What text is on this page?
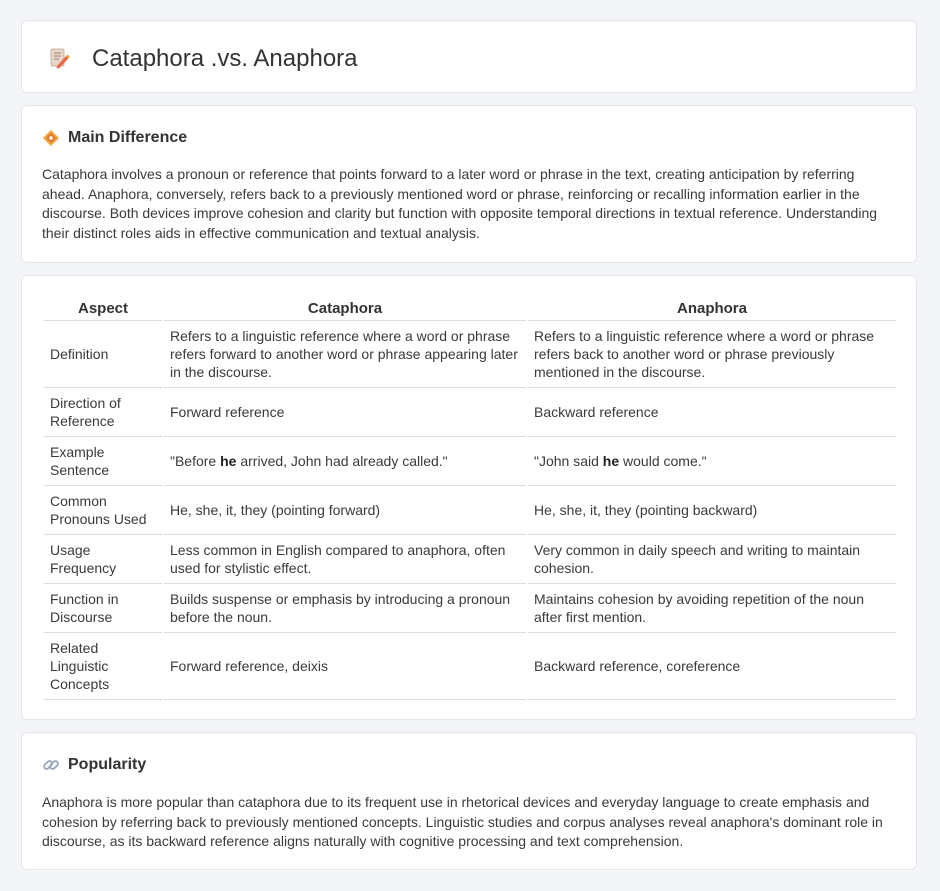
Cataphora .vs. Anaphora
Main Difference

Cataphora involves a pronoun or reference that points forward to a later word or phrase in the text, creating anticipation by referring ahead. Anaphora, conversely, refers back to a previously mentioned word or phrase, reinforcing or recalling information earlier in the discourse. Both devices improve cohesion and clarity but function with opposite temporal directions in textual reference. Understanding their distinct roles aids in effective communication and textual analysis.

Aspect	Cataphora	Anaphora
Definition	Refers to a linguistic reference where a word or phrase refers forward to another word or phrase appearing later in the discourse.	Refers to a linguistic reference where a word or phrase refers back to another word or phrase previously mentioned in the discourse.
Direction of Reference	Forward reference	Backward reference
Example Sentence	"Before he arrived, John had already called."	"John said he would come."
Common Pronouns Used	He, she, it, they (pointing forward)	He, she, it, they (pointing backward)
Usage Frequency	Less common in English compared to anaphora, often used for stylistic effect.	Very common in daily speech and writing to maintain cohesion.
Function in Discourse	Builds suspense or emphasis by introducing a pronoun before the noun.	Maintains cohesion by avoiding repetition of the noun after first mention.
Related Linguistic Concepts	Forward reference, deixis	Backward reference, coreference
Popularity

Anaphora is more popular than cataphora due to its frequent use in rhetorical devices and everyday language to create emphasis and cohesion by referring back to previously mentioned concepts. Linguistic studies and corpus analyses reveal anaphora's dominant role in discourse, as its backward reference aligns naturally with cognitive processing and text comprehension.
